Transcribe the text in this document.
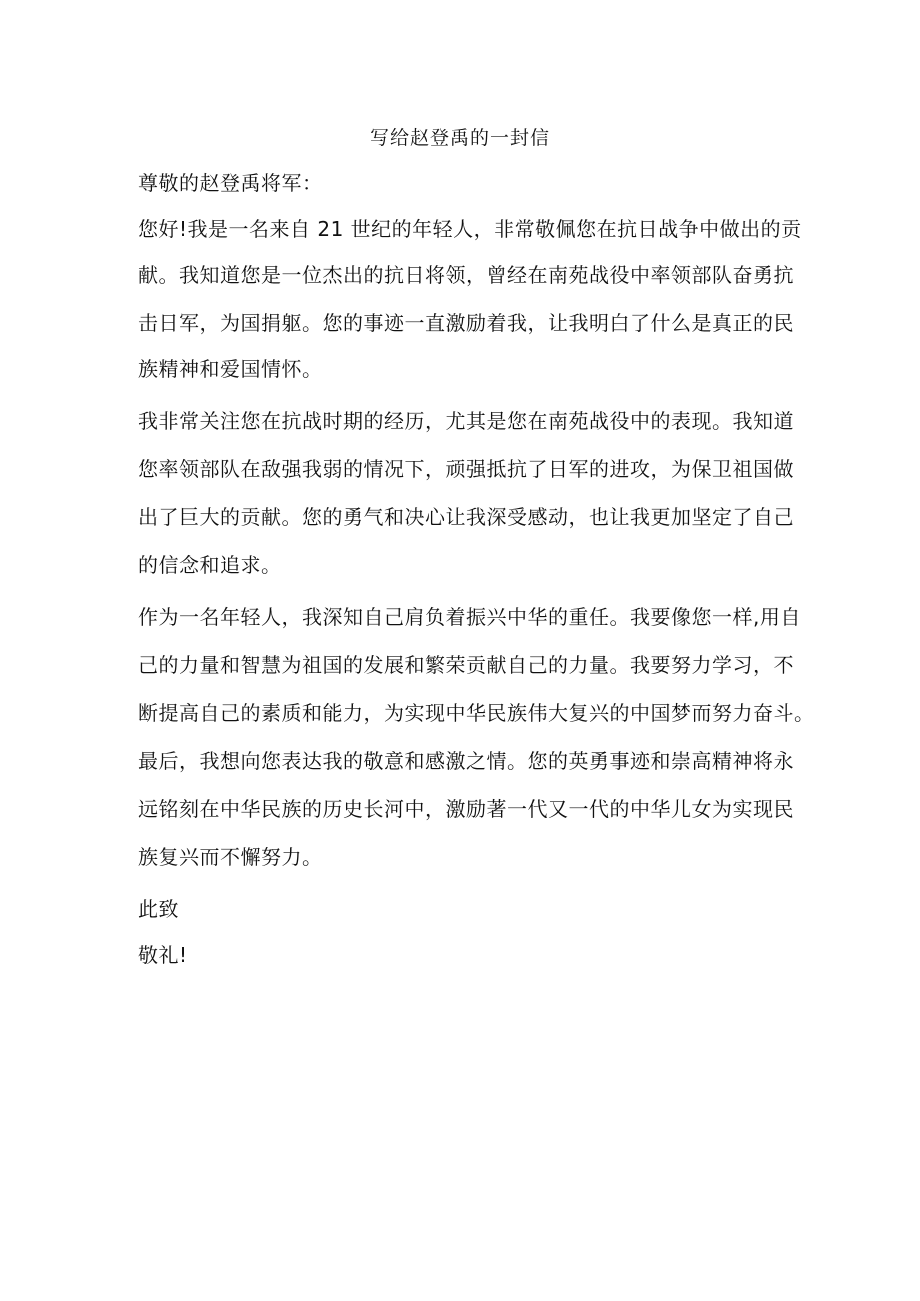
写给赵登禹的一封信
尊敬的赵登禹将军：
您好!我是一名来自 21 世纪的年轻人，非常敬佩您在抗日战争中做出的贡
献。我知道您是一位杰出的抗日将领，曾经在南苑战役中率领部队奋勇抗
击日军，为国捐躯。您的事迹一直激励着我，让我明白了什么是真正的民
族精神和爱国情怀。
我非常关注您在抗战时期的经历，尤其是您在南苑战役中的表现。我知道
您率领部队在敌强我弱的情况下，顽强抵抗了日军的进攻，为保卫祖国做
出了巨大的贡献。您的勇气和决心让我深受感动，也让我更加坚定了自己
的信念和追求。
作为一名年轻人，我深知自己肩负着振兴中华的重任。我要像您一样,用自
己的力量和智慧为祖国的发展和繁荣贡献自己的力量。我要努力学习，不
断提高自己的素质和能力，为实现中华民族伟大复兴的中国梦而努力奋斗。
最后，我想向您表达我的敬意和感激之情。您的英勇事迹和崇高精神将永
远铭刻在中华民族的历史长河中，激励著一代又一代的中华儿女为实现民
族复兴而不懈努力。
此致
敬礼!
